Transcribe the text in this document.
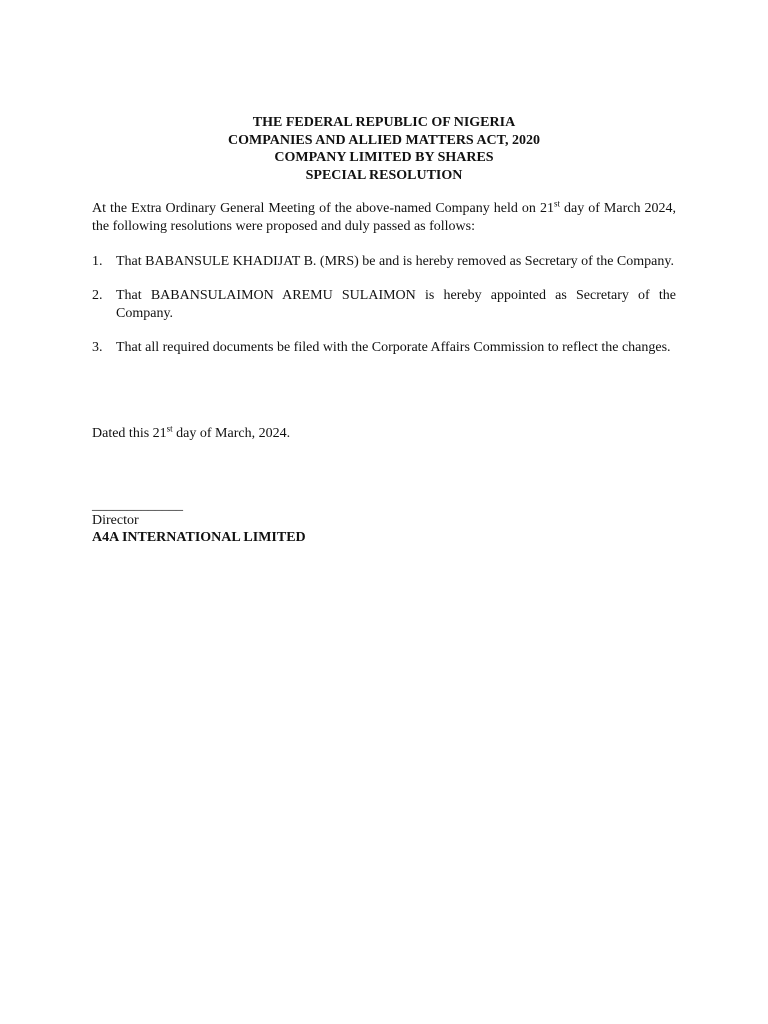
THE FEDERAL REPUBLIC OF NIGERIA
COMPANIES AND ALLIED MATTERS ACT, 2020
COMPANY LIMITED BY SHARES
SPECIAL RESOLUTION
At the Extra Ordinary General Meeting of the above-named Company held on 21st day of March 2024, the following resolutions were proposed and duly passed as follows:
1. That BABANSULE KHADIJAT B. (MRS) be and is hereby removed as Secretary of the Company.
2. That BABANSULAIMON AREMU SULAIMON is hereby appointed as Secretary of the Company.
3. That all required documents be filed with the Corporate Affairs Commission to reflect the changes.
Dated this 21st day of March, 2024.
_____________
Director
A4A INTERNATIONAL LIMITED
